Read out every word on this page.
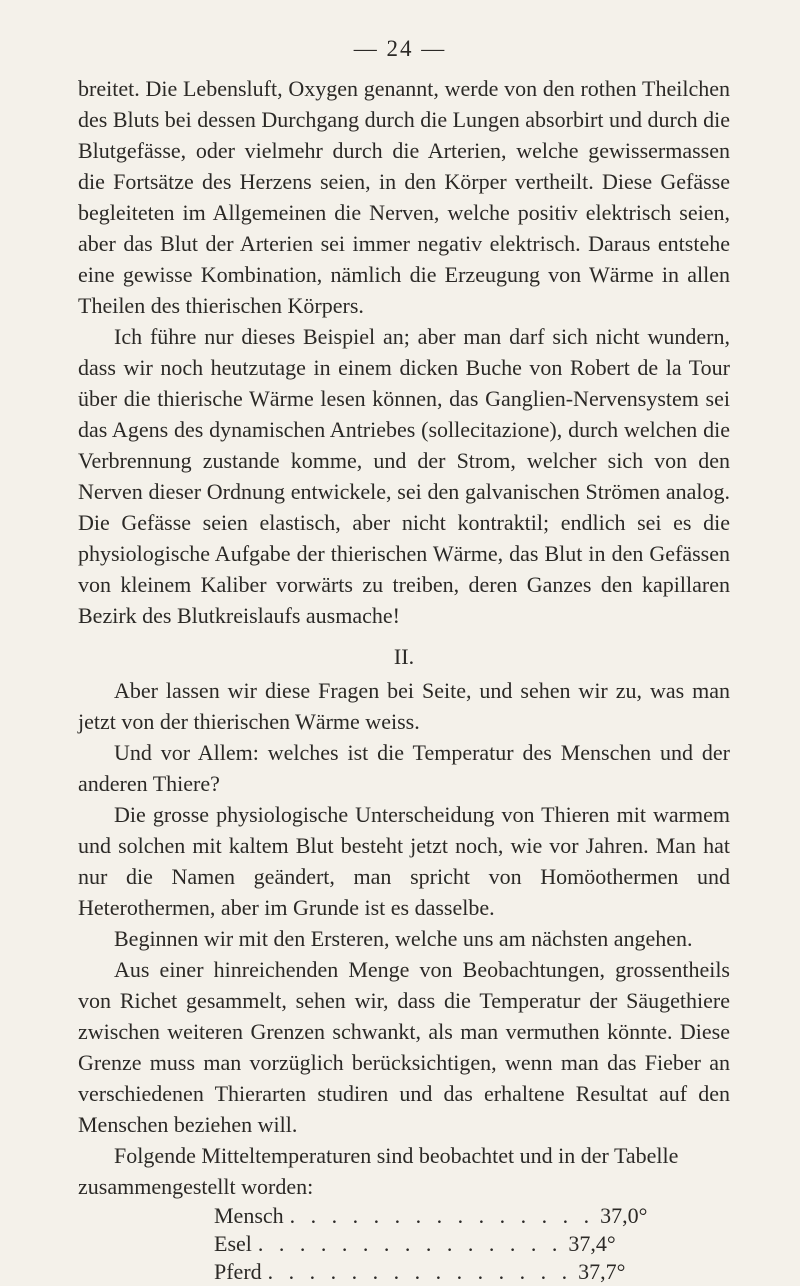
— 24 —

breitet. Die Lebensluft, Oxygen genannt, werde von den rothen Theilchen des Bluts bei dessen Durchgang durch die Lungen absorbirt und durch die Blutgefässe, oder vielmehr durch die Arterien, welche gewissermassen die Fortsätze des Herzens seien, in den Körper vertheilt. Diese Gefässe begleiteten im Allgemeinen die Nerven, welche positiv elektrisch seien, aber das Blut der Arterien sei immer negativ elektrisch. Daraus entstehe eine gewisse Kombination, nämlich die Erzeugung von Wärme in allen Theilen des thierischen Körpers.

Ich führe nur dieses Beispiel an; aber man darf sich nicht wundern, dass wir noch heutzutage in einem dicken Buche von Robert de la Tour über die thierische Wärme lesen können, das Ganglien-Nervensystem sei das Agens des dynamischen Antriebes (sollecitazione), durch welchen die Verbrennung zustande komme, und der Strom, welcher sich von den Nerven dieser Ordnung entwickele, sei den galvanischen Strömen analog. Die Gefässe seien elastisch, aber nicht kontraktil; endlich sei es die physiologische Aufgabe der thierischen Wärme, das Blut in den Gefässen von kleinem Kaliber vorwärts zu treiben, deren Ganzes den kapillaren Bezirk des Blutkreislaufs ausmache!

II.

Aber lassen wir diese Fragen bei Seite, und sehen wir zu, was man jetzt von der thierischen Wärme weiss.

Und vor Allem: welches ist die Temperatur des Menschen und der anderen Thiere?

Die grosse physiologische Unterscheidung von Thieren mit warmem und solchen mit kaltem Blut besteht jetzt noch, wie vor Jahren. Man hat nur die Namen geändert, man spricht von Homöothermen und Heterothermen, aber im Grunde ist es dasselbe.

Beginnen wir mit den Ersteren, welche uns am nächsten angehen.

Aus einer hinreichenden Menge von Beobachtungen, grossentheils von Richet gesammelt, sehen wir, dass die Temperatur der Säugethiere zwischen weiteren Grenzen schwankt, als man vermuthen könnte. Diese Grenze muss man vorzüglich berücksichtigen, wenn man das Fieber an verschiedenen Thierarten studiren und das erhaltene Resultat auf den Menschen beziehen will.

Folgende Mitteltemperaturen sind beobachtet und in der Tabelle zusammengestellt worden:

Mensch . . . . . . . . . . . . . . . 37,0°
Esel . . . . . . . . . . . . . . . 37,4°
Pferd . . . . . . . . . . . . . . . 37,7°
